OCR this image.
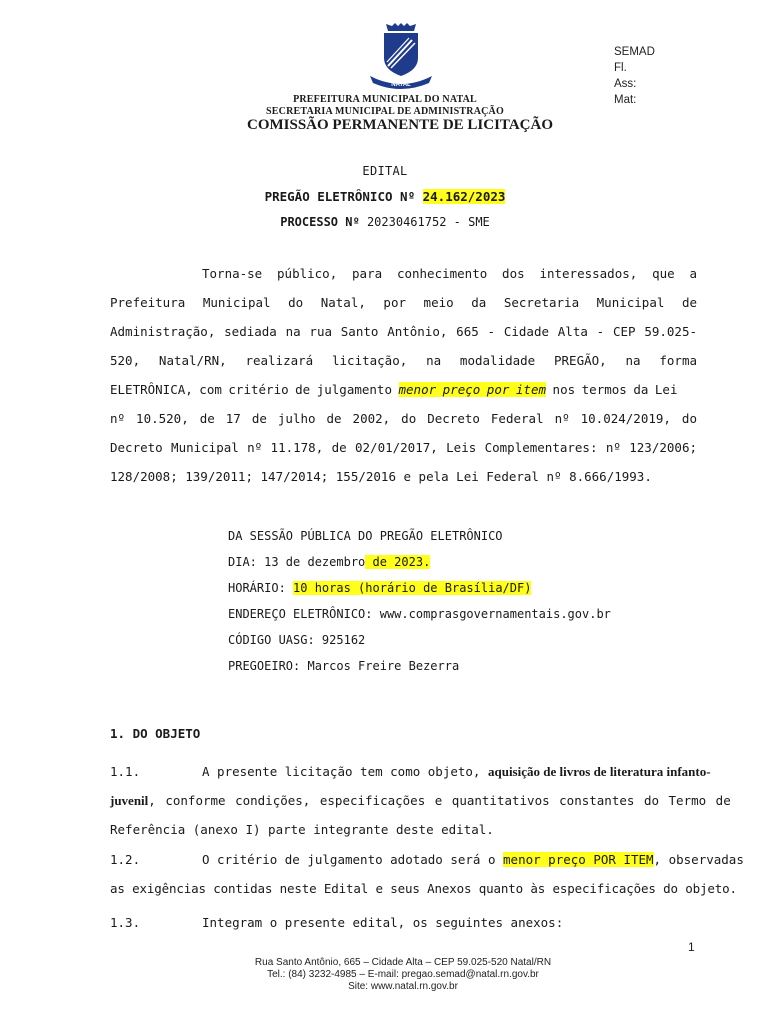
NATAL
SEMAD
Fl.
Ass:
Mat:
PREFEITURA MUNICIPAL DO NATAL
SECRETARIA MUNICIPAL DE ADMINISTRAÇÃO
COMISSÃO PERMANENTE DE LICITAÇÃO
EDITAL
PREGÃO ELETRÔNICO Nº 24.162/2023
PROCESSO Nº 20230461752 - SME
Torna-se público, para conhecimento dos interessados, que a
Prefeitura Municipal do Natal, por meio da Secretaria Municipal de
Administração, sediada na rua Santo Antônio, 665 - Cidade Alta - CEP 59.025-
520, Natal/RN, realizará licitação, na modalidade PREGÃO, na forma
ELETRÔNICA, com critério de julgamento menor preço por item nos termos da Lei
nº 10.520, de 17 de julho de 2002, do Decreto Federal nº 10.024/2019, do
Decreto Municipal nº 11.178, de 02/01/2017, Leis Complementares: nº 123/2006;
128/2008; 139/2011; 147/2014; 155/2016 e pela Lei Federal nº 8.666/1993.
DA SESSÃO PÚBLICA DO PREGÃO ELETRÔNICO
DIA: 13 de dezembro de 2023.
HORÁRIO: 10 horas (horário de Brasília/DF)
ENDEREÇO ELETRÔNICO: www.comprasgovernamentais.gov.br
CÓDIGO UASG: 925162
PREGOEIRO: Marcos Freire Bezerra
1. DO OBJETO
1.1.	A presente licitação tem como objeto, aquisição de livros de literatura infanto-
juvenil, conforme condições, especificações e quantitativos constantes do Termo de
Referência (anexo I) parte integrante deste edital.
1.2.	O critério de julgamento adotado será o menor preço POR ITEM, observadas
as exigências contidas neste Edital e seus Anexos quanto às especificações do objeto.
1.3.	Integram o presente edital, os seguintes anexos:
1
Rua Santo Antônio, 665 – Cidade Alta – CEP 59.025-520 Natal/RN
Tel.: (84) 3232-4985 – E-mail: pregao.semad@natal.rn.gov.br
Site: www.natal.rn.gov.br
